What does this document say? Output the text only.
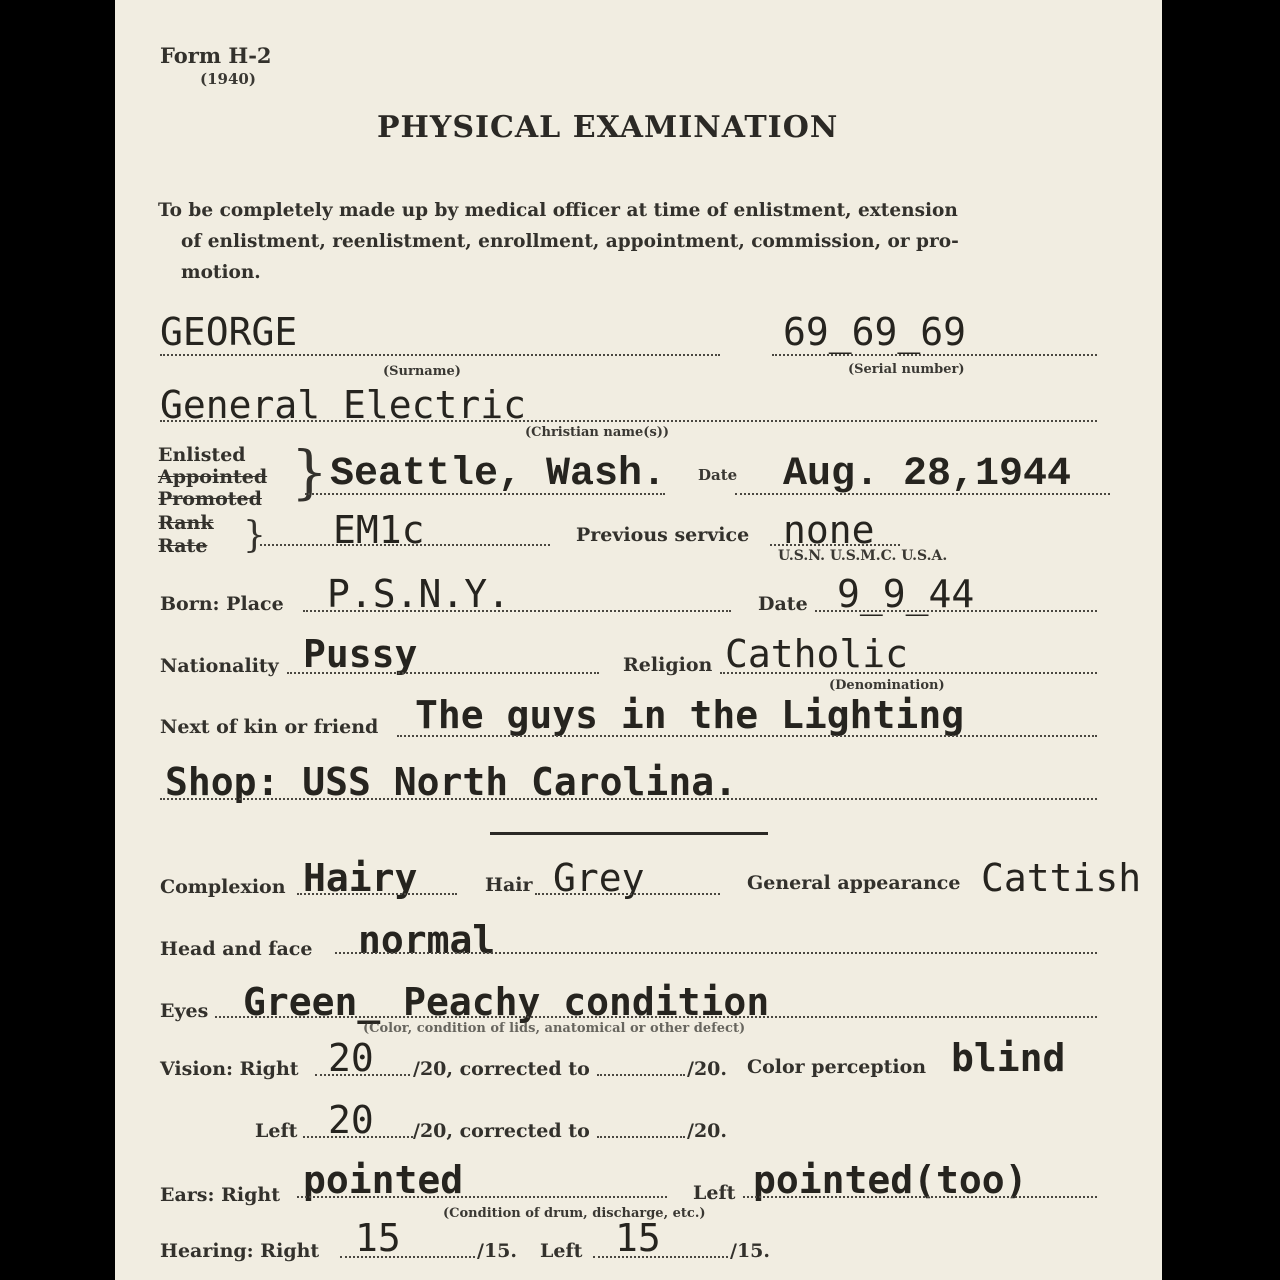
Form H-2
(1940)
PHYSICAL EXAMINATION
To be completely made up by medical officer at time of enlistment, extension
of enlistment, reenlistment, enrollment, appointment, commission, or pro-
motion.
GEORGE
(Surname)
69_69_69
(Serial number)
General Electric
(Christian name(s))
Enlisted
Appointed
Promoted
Rank
Rate
}
}
Seattle, Wash. Date Aug. 28,1944
EM1c	Previous service none
U.S.N. U.S.M.C. U.S.A.
Born: Place P.S.N.Y.	Date 9_9_44
Nationality Pussy	Religion Catholic
(Denomination)
Next of kin or friend The guys in the Lighting
Shop: USS North Carolina.
Complexion Hairy	Hair Grey	General appearance Cattish
Head and face normal
Eyes Green_ Peachy condition
(Color, condition of lids, anatomical or other defect)
Vision: Right 20 /20, corrected to	/20. Color perception blind
Left 20 /20, corrected to	/20.
Ears: Right pointed	Left pointed(too)
(Condition of drum, discharge, etc.)
Hearing: Right 15	/15. Left 15	/15.
